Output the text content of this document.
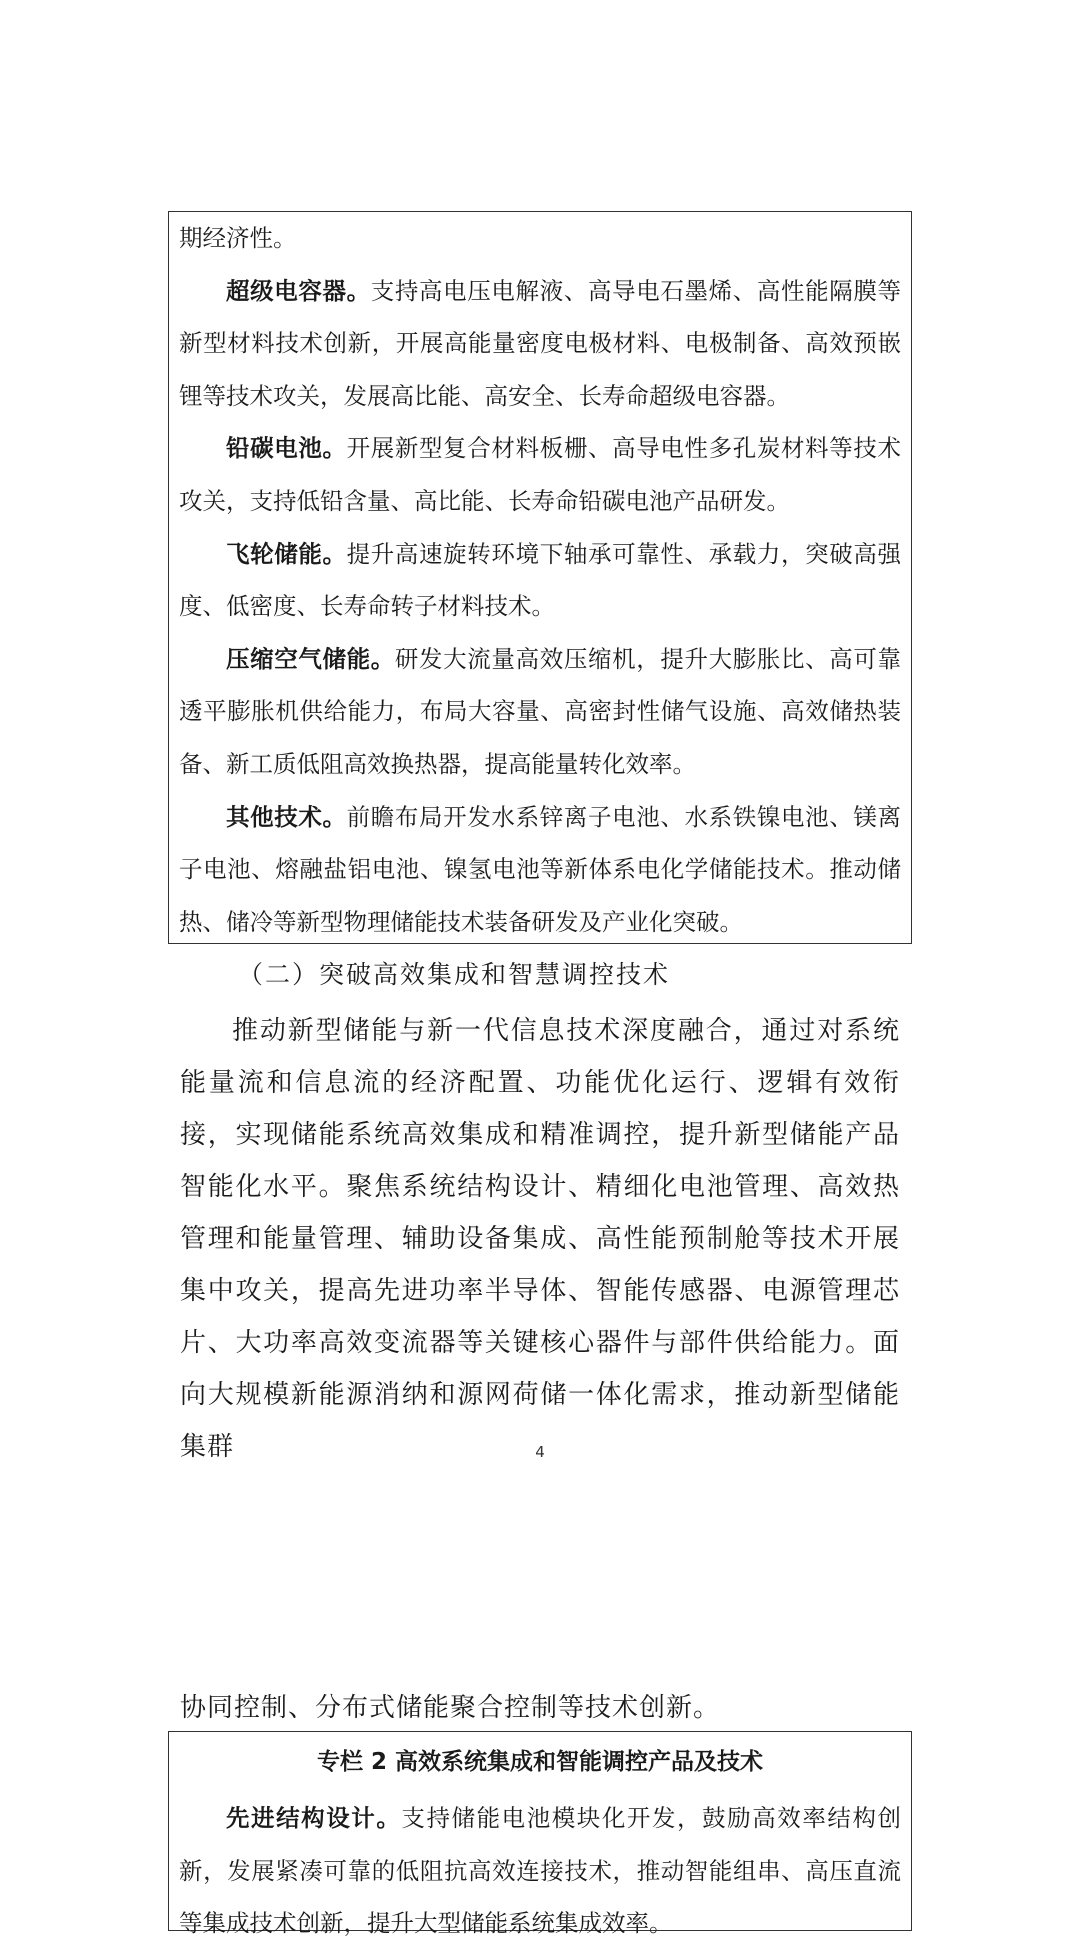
期经济性。

超级电容器。支持高电压电解液、高导电石墨烯、高性能隔膜等新型材料技术创新，开展高能量密度电极材料、电极制备、高效预嵌锂等技术攻关，发展高比能、高安全、长寿命超级电容器。

铅碳电池。开展新型复合材料板栅、高导电性多孔炭材料等技术攻关，支持低铅含量、高比能、长寿命铅碳电池产品研发。

飞轮储能。提升高速旋转环境下轴承可靠性、承载力，突破高强度、低密度、长寿命转子材料技术。

压缩空气储能。研发大流量高效压缩机，提升大膨胀比、高可靠透平膨胀机供给能力，布局大容量、高密封性储气设施、高效储热装备、新工质低阻高效换热器，提高能量转化效率。

其他技术。前瞻布局开发水系锌离子电池、水系铁镍电池、镁离子电池、熔融盐铝电池、镍氢电池等新体系电化学储能技术。推动储热、储冷等新型物理储能技术装备研发及产业化突破。

（二）突破高效集成和智慧调控技术

推动新型储能与新一代信息技术深度融合，通过对系统能量流和信息流的经济配置、功能优化运行、逻辑有效衔接，实现储能系统高效集成和精准调控，提升新型储能产品智能化水平。聚焦系统结构设计、精细化电池管理、高效热管理和能量管理、辅助设备集成、高性能预制舱等技术开展集中攻关，提高先进功率半导体、智能传感器、电源管理芯片、大功率高效变流器等关键核心器件与部件供给能力。面向大规模新能源消纳和源网荷储一体化需求，推动新型储能集群	4

协同控制、分布式储能聚合控制等技术创新。

专栏 2 高效系统集成和智能调控产品及技术

先进结构设计。支持储能电池模块化开发，鼓励高效率结构创新，发展紧凑可靠的低阻抗高效连接技术，推动智能组串、高压直流等集成技术创新，提升大型储能系统集成效率。
